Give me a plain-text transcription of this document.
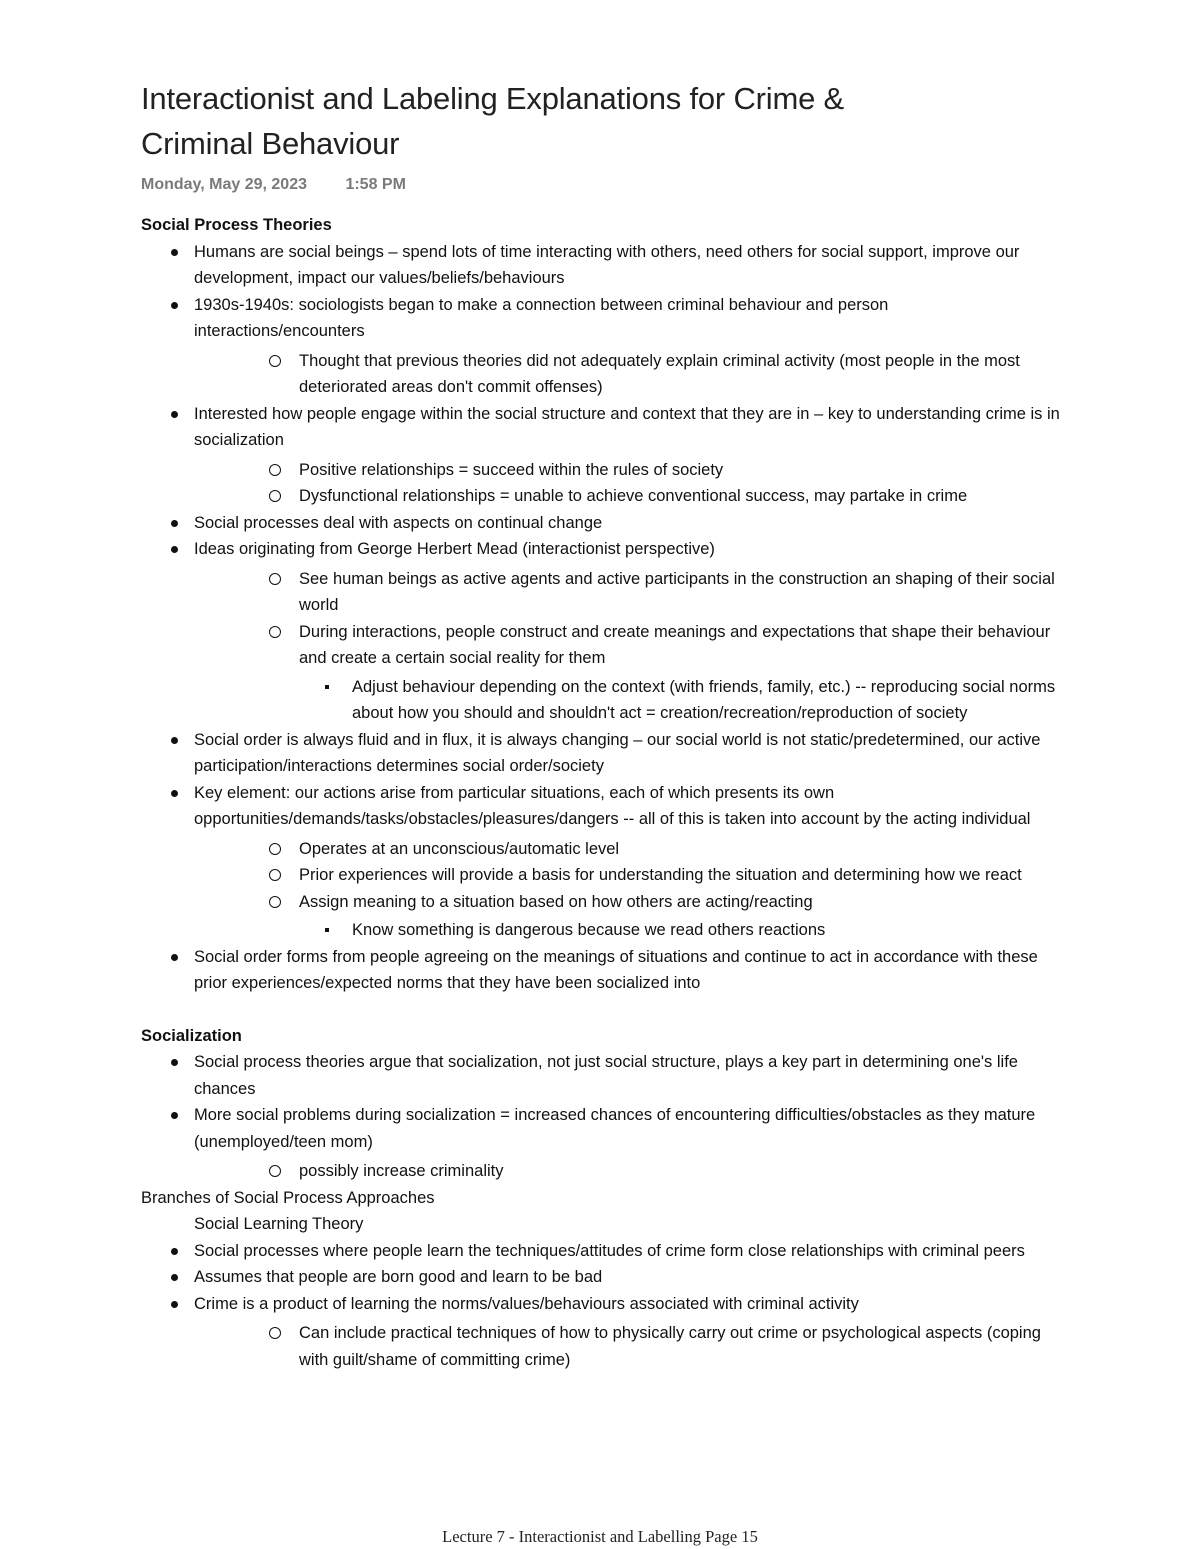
Interactionist and Labeling Explanations for Crime &
Criminal Behaviour
Monday, May 29, 2023 1:58 PM
Social Process Theories
Humans are social beings – spend lots of time interacting with others, need others for social support, improve our development, impact our values/beliefs/behaviours
1930s-1940s: sociologists began to make a connection between criminal behaviour and person interactions/encounters
Thought that previous theories did not adequately explain criminal activity (most people in the most deteriorated areas don't commit offenses)
Interested how people engage within the social structure and context that they are in – key to understanding crime is in socialization
Positive relationships = succeed within the rules of society
Dysfunctional relationships = unable to achieve conventional success, may partake in crime
Social processes deal with aspects on continual change
Ideas originating from George Herbert Mead (interactionist perspective)
See human beings as active agents and active participants in the construction an shaping of their social world
During interactions, people construct and create meanings and expectations that shape their behaviour and create a certain social reality for them
Adjust behaviour depending on the context (with friends, family, etc.) -- reproducing social norms about how you should and shouldn't act = creation/recreation/reproduction of society
Social order is always fluid and in flux, it is always changing – our social world is not static/predetermined, our active participation/interactions determines social order/society
Key element: our actions arise from particular situations, each of which presents its own opportunities/demands/tasks/obstacles/pleasures/dangers -- all of this is taken into account by the acting individual
Operates at an unconscious/automatic level
Prior experiences will provide a basis for understanding the situation and determining how we react
Assign meaning to a situation based on how others are acting/reacting
Know something is dangerous because we read others reactions
Social order forms from people agreeing on the meanings of situations and continue to act in accordance with these prior experiences/expected norms that they have been socialized into
Socialization
Social process theories argue that socialization, not just social structure, plays a key part in determining one's life chances
More social problems during socialization = increased chances of encountering difficulties/obstacles as they mature (unemployed/teen mom)
possibly increase criminality
Branches of Social Process Approaches
Social Learning Theory
Social processes where people learn the techniques/attitudes of crime form close relationships with criminal peers
Assumes that people are born good and learn to be bad
Crime is a product of learning the norms/values/behaviours associated with criminal activity
Can include practical techniques of how to physically carry out crime or psychological aspects (coping with guilt/shame of committing crime)
Lecture 7 - Interactionist and Labelling Page 15
